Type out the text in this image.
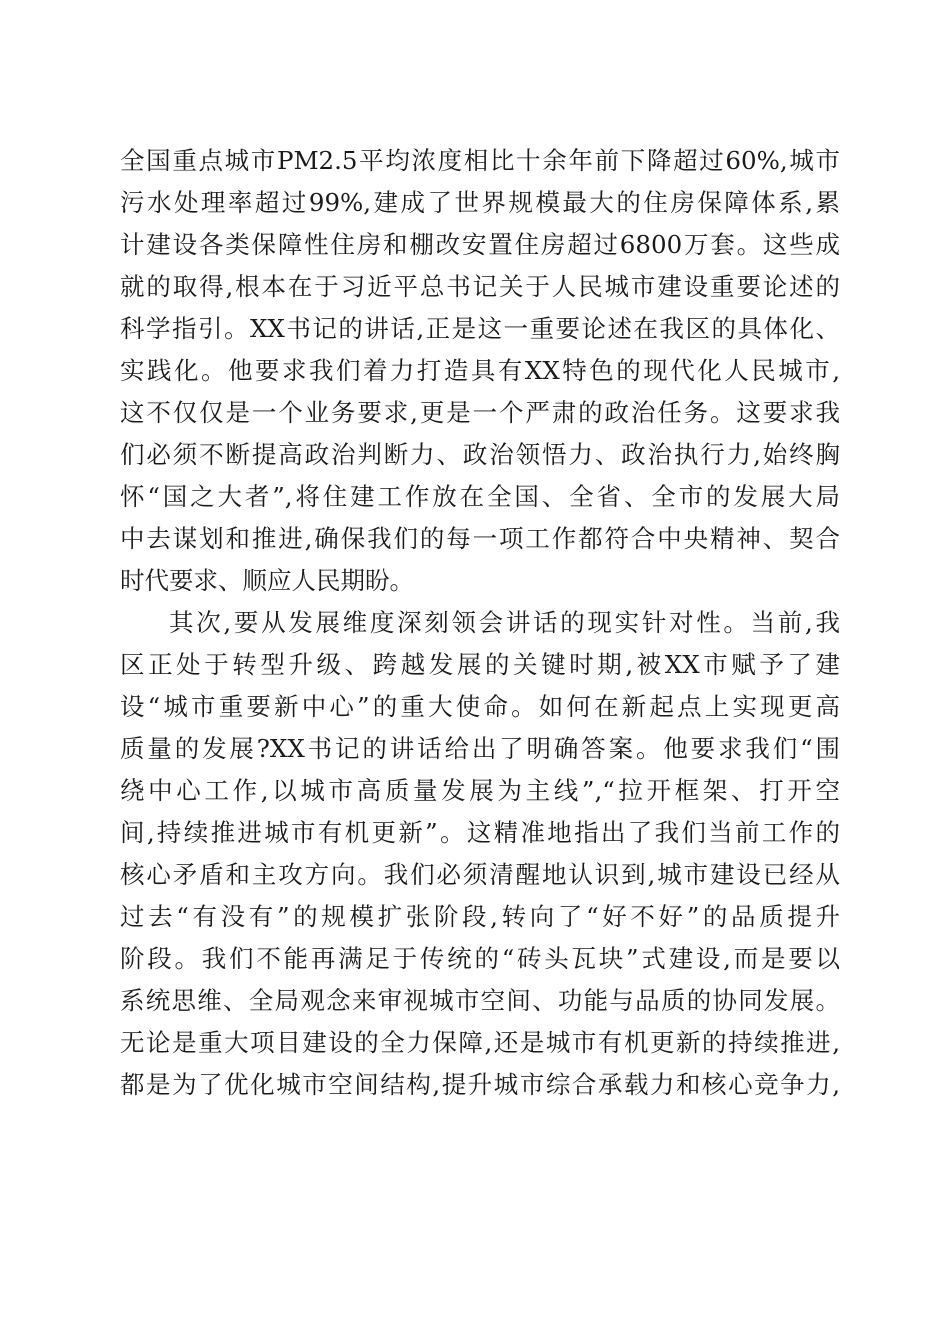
全国重点城市PM2.5平均浓度相比十余年前下降超过60%,城市
污水处理率超过99%,建成了世界规模最大的住房保障体系,累
计建设各类保障性住房和棚改安置住房超过6800万套。这些成
就的取得,根本在于习近平总书记关于人民城市建设重要论述的
科学指引。XX书记的讲话,正是这一重要论述在我区的具体化、
实践化。他要求我们着力打造具有XX特色的现代化人民城市,
这不仅仅是一个业务要求,更是一个严肃的政治任务。这要求我
们必须不断提高政治判断力、政治领悟力、政治执行力,始终胸
怀“国之大者”,将住建工作放在全国、全省、全市的发展大局
中去谋划和推进,确保我们的每一项工作都符合中央精神、契合
时代要求、顺应人民期盼。
其次,要从发展维度深刻领会讲话的现实针对性。当前,我
区正处于转型升级、跨越发展的关键时期,被XX市赋予了建
设“城市重要新中心”的重大使命。如何在新起点上实现更高
质量的发展?XX书记的讲话给出了明确答案。他要求我们“围
绕中心工作,以城市高质量发展为主线”,“拉开框架、打开空
间,持续推进城市有机更新”。这精准地指出了我们当前工作的
核心矛盾和主攻方向。我们必须清醒地认识到,城市建设已经从
过去“有没有”的规模扩张阶段,转向了“好不好”的品质提升
阶段。我们不能再满足于传统的“砖头瓦块”式建设,而是要以
系统思维、全局观念来审视城市空间、功能与品质的协同发展。
无论是重大项目建设的全力保障,还是城市有机更新的持续推进,
都是为了优化城市空间结构,提升城市综合承载力和核心竞争力,
